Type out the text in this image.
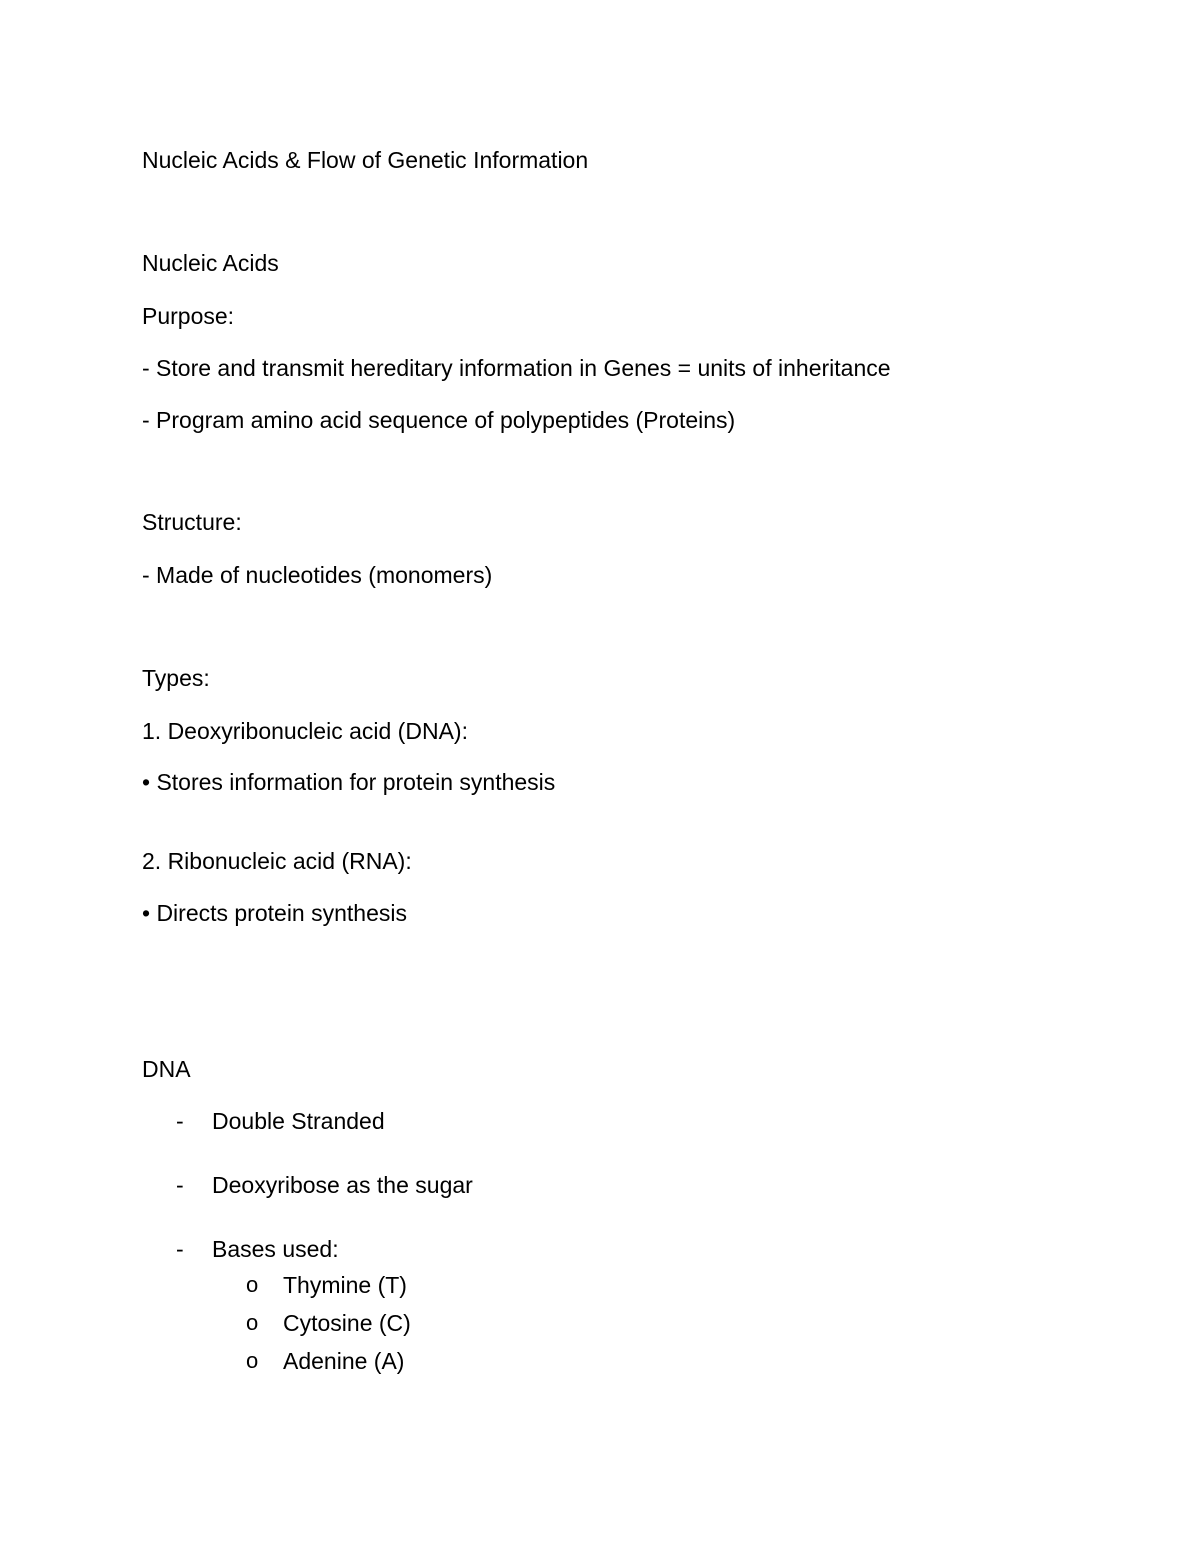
Nucleic Acids & Flow of Genetic Information
Nucleic Acids
Purpose:
- Store and transmit hereditary information in Genes = units of inheritance
- Program amino acid sequence of polypeptides (Proteins)
Structure:
- Made of nucleotides (monomers)
Types:
1. Deoxyribonucleic acid (DNA):
• Stores information for protein synthesis
2. Ribonucleic acid (RNA):
• Directs protein synthesis
DNA
- Double Stranded
- Deoxyribose as the sugar
- Bases used:
o Thymine (T)
o Cytosine (C)
o Adenine (A)
